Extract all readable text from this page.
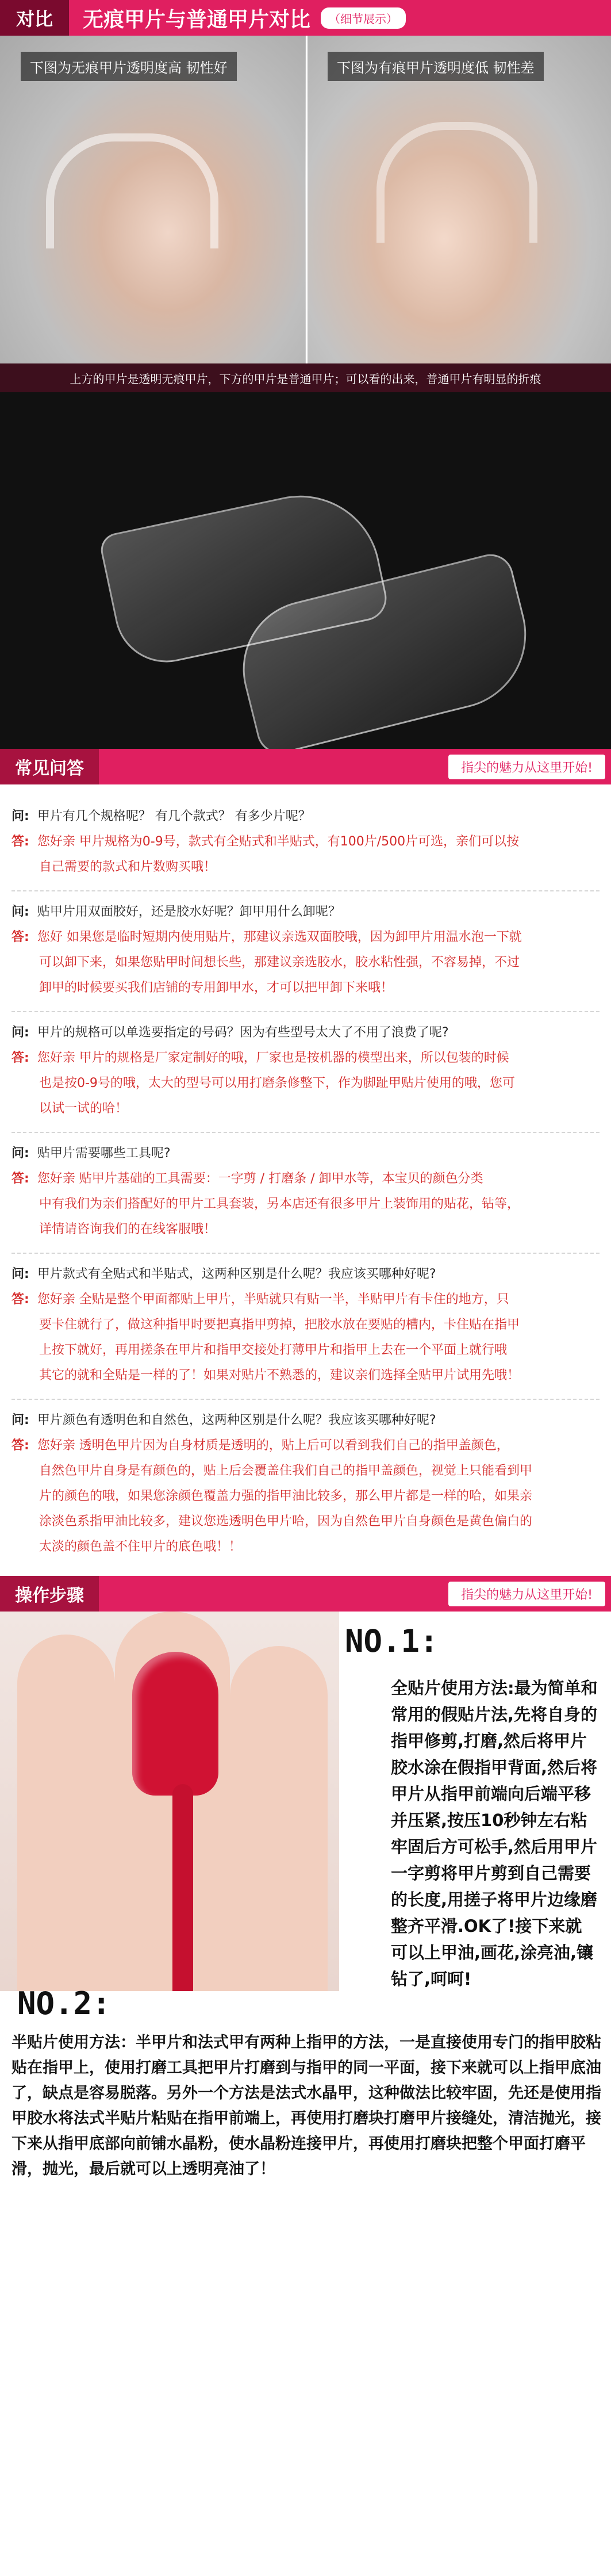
对比	无痕甲片与普通甲片对比	（细节展示）
下图为无痕甲片透明度高 韧性好	下图为有痕甲片透明度低 韧性差
上方的甲片是透明无痕甲片，下方的甲片是普通甲片；可以看的出来，普通甲片有明显的折痕
常见问答	指尖的魅力从这里开始!
问: 甲片有几个规格呢？ 有几个款式？ 有多少片呢？
答: 您好亲 甲片规格为0-9号，款式有全贴式和半贴式，有100片/500片可选，亲们可以按
自己需要的款式和片数购买哦！
问: 贴甲片用双面胶好，还是胶水好呢？卸甲用什么卸呢？
答: 您好 如果您是临时短期内使用贴片，那建议亲选双面胶哦，因为卸甲片用温水泡一下就
可以卸下来，如果您贴甲时间想长些，那建议亲选胶水，胶水粘性强，不容易掉，不过
卸甲的时候要买我们店铺的专用卸甲水，才可以把甲卸下来哦！
问: 甲片的规格可以单选要指定的号码？因为有些型号太大了不用了浪费了呢?
答: 您好亲 甲片的规格是厂家定制好的哦，厂家也是按机器的模型出来，所以包装的时候
也是按0-9号的哦，太大的型号可以用打磨条修整下，作为脚趾甲贴片使用的哦，您可
以试一试的哈！
问: 贴甲片需要哪些工具呢?
答: 您好亲 贴甲片基础的工具需要：一字剪 / 打磨条 / 卸甲水等，本宝贝的颜色分类
中有我们为亲们搭配好的甲片工具套装，另本店还有很多甲片上装饰用的贴花，钻等，
详情请咨询我们的在线客服哦！
问: 甲片款式有全贴式和半贴式，这两种区别是什么呢？我应该买哪种好呢?
答: 您好亲 全贴是整个甲面都贴上甲片，半贴就只有贴一半，半贴甲片有卡住的地方，只
要卡住就行了，做这种指甲时要把真指甲剪掉，把胶水放在要贴的槽内，卡住贴在指甲
上按下就好，再用搓条在甲片和指甲交接处打薄甲片和指甲上去在一个平面上就行哦
其它的就和全贴是一样的了！如果对贴片不熟悉的，建议亲们选择全贴甲片试用先哦！
问: 甲片颜色有透明色和自然色，这两种区别是什么呢？我应该买哪种好呢?
答: 您好亲 透明色甲片因为自身材质是透明的，贴上后可以看到我们自己的指甲盖颜色，
自然色甲片自身是有颜色的，贴上后会覆盖住我们自己的指甲盖颜色，视觉上只能看到甲
片的颜色的哦，如果您涂颜色覆盖力强的指甲油比较多，那么甲片都是一样的哈，如果亲
涂淡色系指甲油比较多，建议您选透明色甲片哈，因为自然色甲片自身颜色是黄色偏白的
太淡的颜色盖不住甲片的底色哦！！
操作步骤	指尖的魅力从这里开始!
NO.1:
全贴片使用方法:最为简单和常用的假贴片法,先将自身的指甲修剪,打磨,然后将甲片胶水涂在假指甲背面,然后将甲片从指甲前端向后端平移并压紧,按压10秒钟左右粘牢固后方可松手,然后用甲片一字剪将甲片剪到自己需要的长度,用搓子将甲片边缘磨整齐平滑.OK了!接下来就可以上甲油,画花,涂亮油,镶钻了,呵呵!
NO.2:
半贴片使用方法：半甲片和法式甲有两种上指甲的方法，一是直接使用专门的指甲胶粘贴在指甲上，使用打磨工具把甲片打磨到与指甲的同一平面，接下来就可以上指甲底油了，缺点是容易脱落。另外一个方法是法式水晶甲，这种做法比较牢固，先还是使用指甲胶水将法式半贴片粘贴在指甲前端上，再使用打磨块打磨甲片接缝处，清洁抛光，接下来从指甲底部向前铺水晶粉，使水晶粉连接甲片，再使用打磨块把整个甲面打磨平滑，抛光，最后就可以上透明亮油了！
